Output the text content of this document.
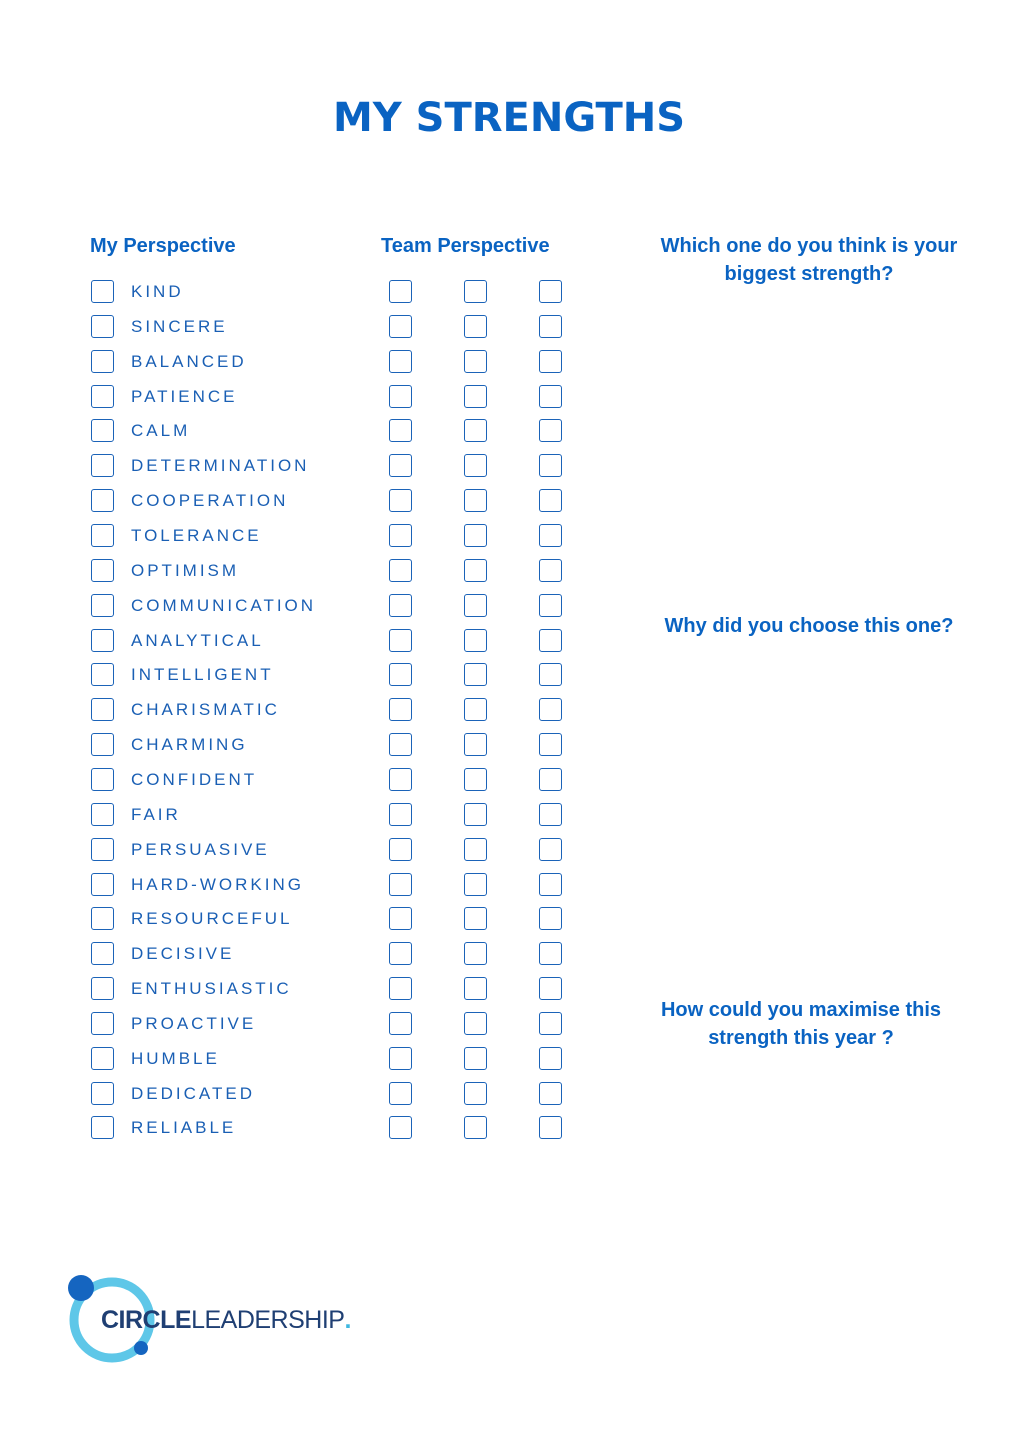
MY STRENGTHS
My Perspective	Team Perspective
KIND
SINCERE
BALANCED
PATIENCE
CALM
DETERMINATION
COOPERATION
TOLERANCE
OPTIMISM
COMMUNICATION
ANALYTICAL
INTELLIGENT
CHARISMATIC
CHARMING
CONFIDENT
FAIR
PERSUASIVE
HARD-WORKING
RESOURCEFUL
DECISIVE
ENTHUSIASTIC
PROACTIVE
HUMBLE
DEDICATED
RELIABLE
Which one do you think is your biggest strength?
Why did you choose this one?
How could you maximise this strength this year ?
CIRCLELEADERSHIP.
